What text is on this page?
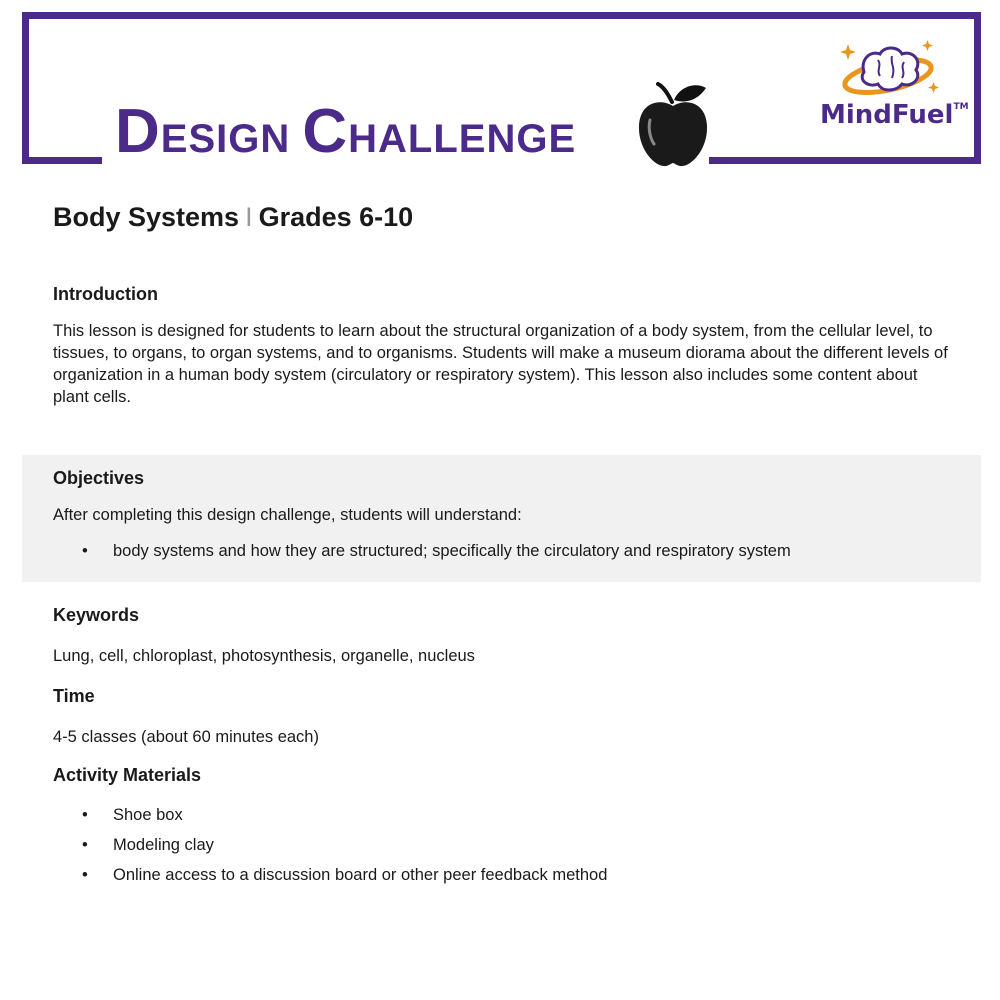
DESIGN CHALLENGE
MindFuel™
Body Systems I Grades 6-10
Introduction

This lesson is designed for students to learn about the structural organization of a body system, from the cellular level, to tissues, to organs, to organ systems, and to organisms. Students will make a museum diorama about the different levels of organization in a human body system (circulatory or respiratory system). This lesson also includes some content about plant cells.

Objectives

After completing this design challenge, students will understand:

• body systems and how they are structured; specifically the circulatory and respiratory system
Keywords

Lung, cell, chloroplast, photosynthesis, organelle, nucleus

Time

4-5 classes (about 60 minutes each)

Activity Materials
• Shoe box
• Modeling clay
• Online access to a discussion board or other peer feedback method
